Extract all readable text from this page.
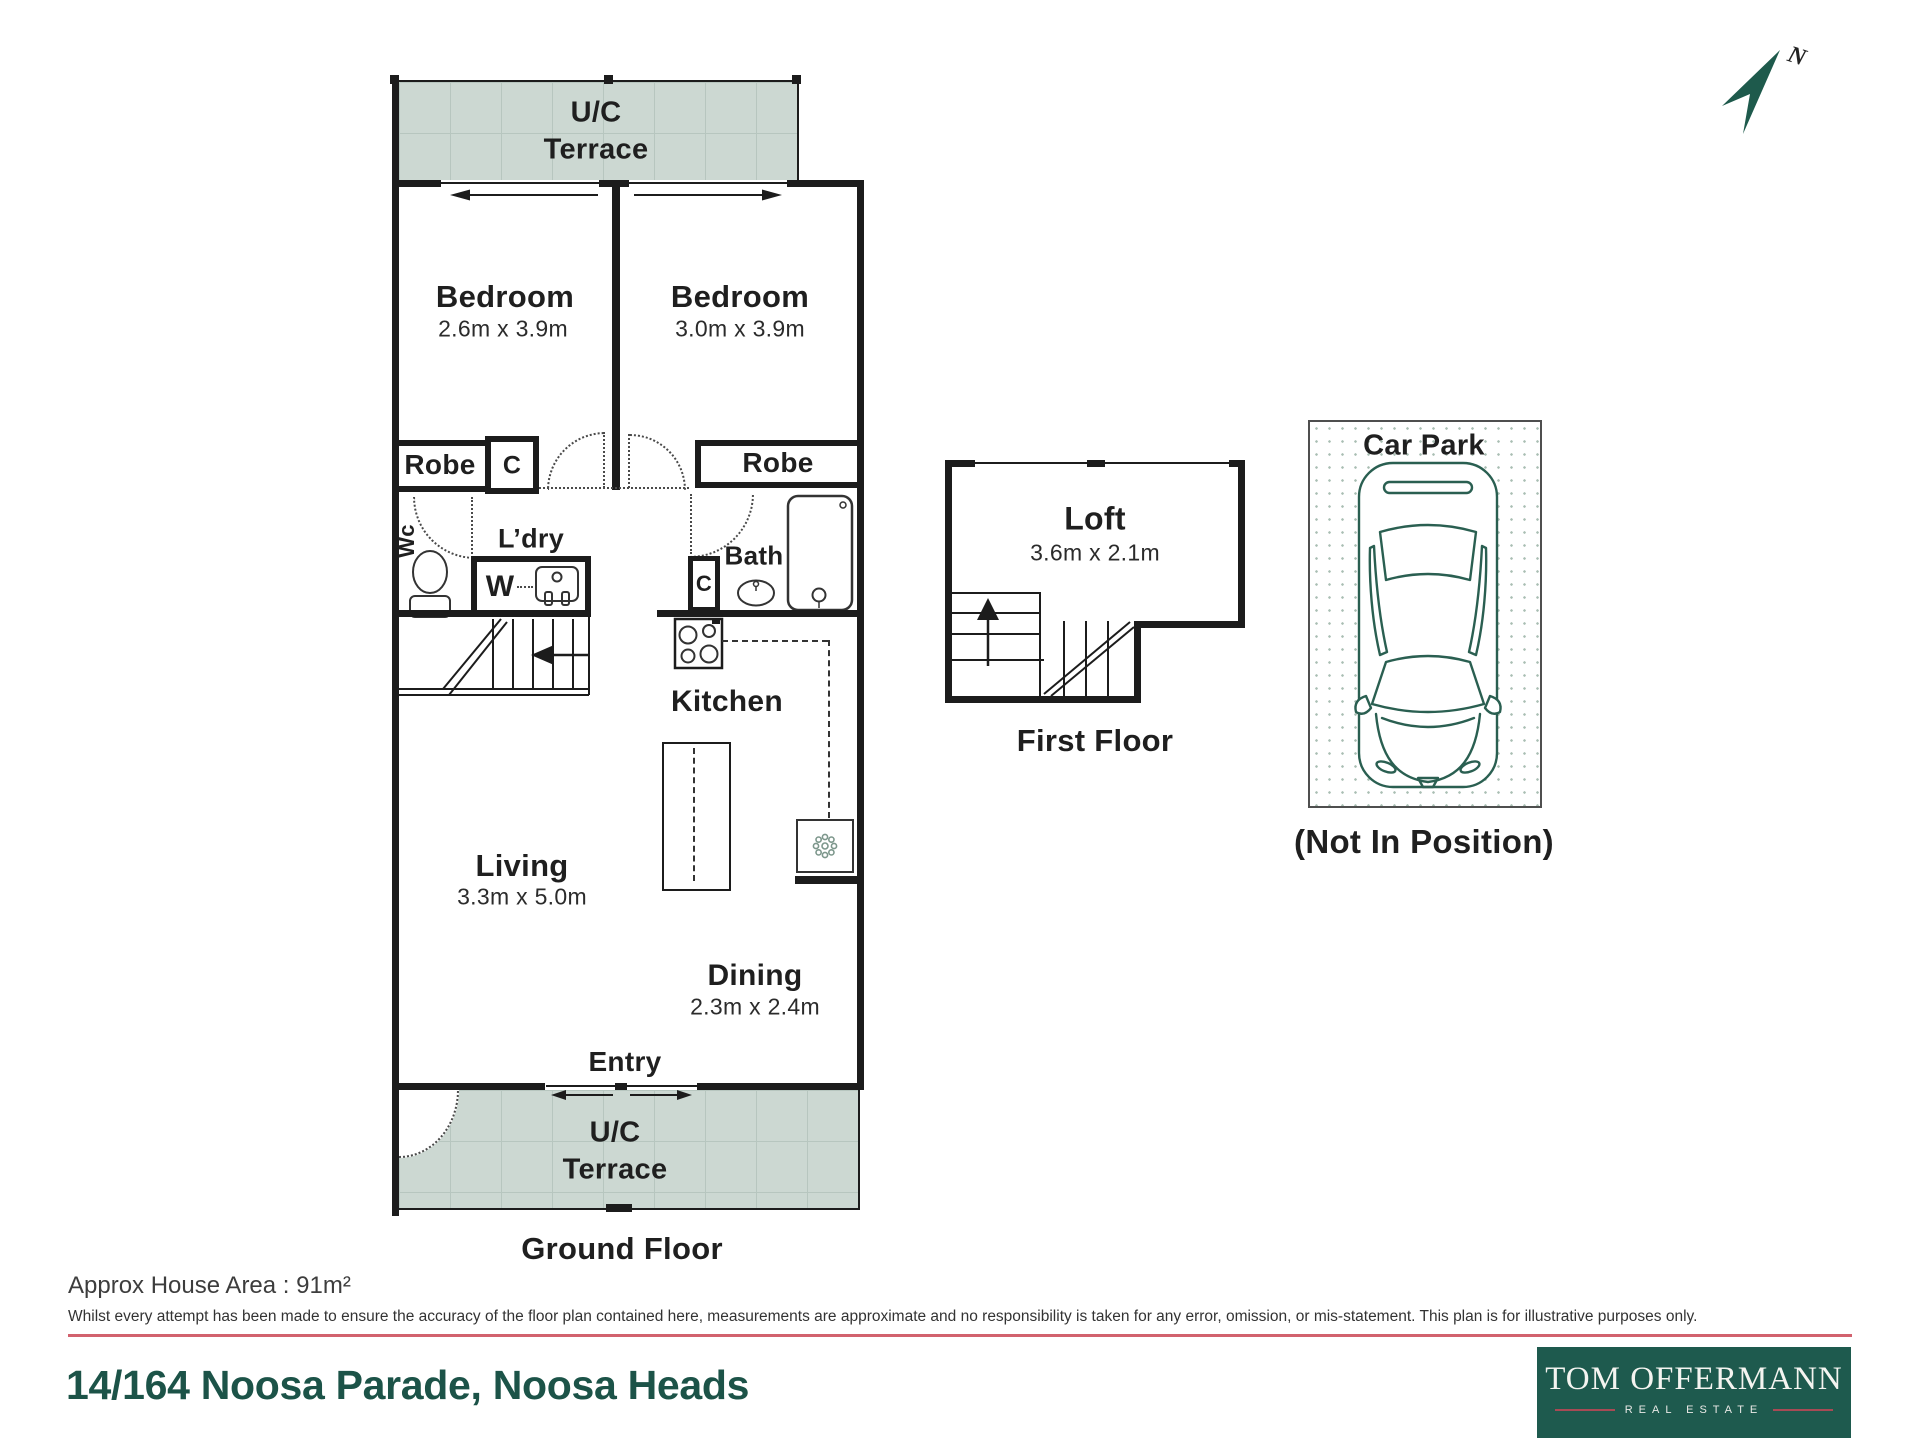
U/C
Terrace
Bedroom
2.6m x 3.9m
Bedroom
3.0m x 3.9m
Robe C	Robe
Wc	L’dry
W
Bath
C
Kitchen
Living
3.3m x 5.0m
Dining
2.3m x 2.4m
Entry
U/C
Terrace
Ground Floor
Loft
3.6m x 2.1m
First Floor
Car Park
(Not In Position)
N
Approx House Area : 91m²
Whilst every attempt has been made to ensure the accuracy of the floor plan contained here, measurements are approximate and no responsibility is taken for any error, omission, or mis-statement. This plan is for illustrative purposes only.
14/164 Noosa Parade, Noosa Heads	TOM OFFERMANN
REAL ESTATE
